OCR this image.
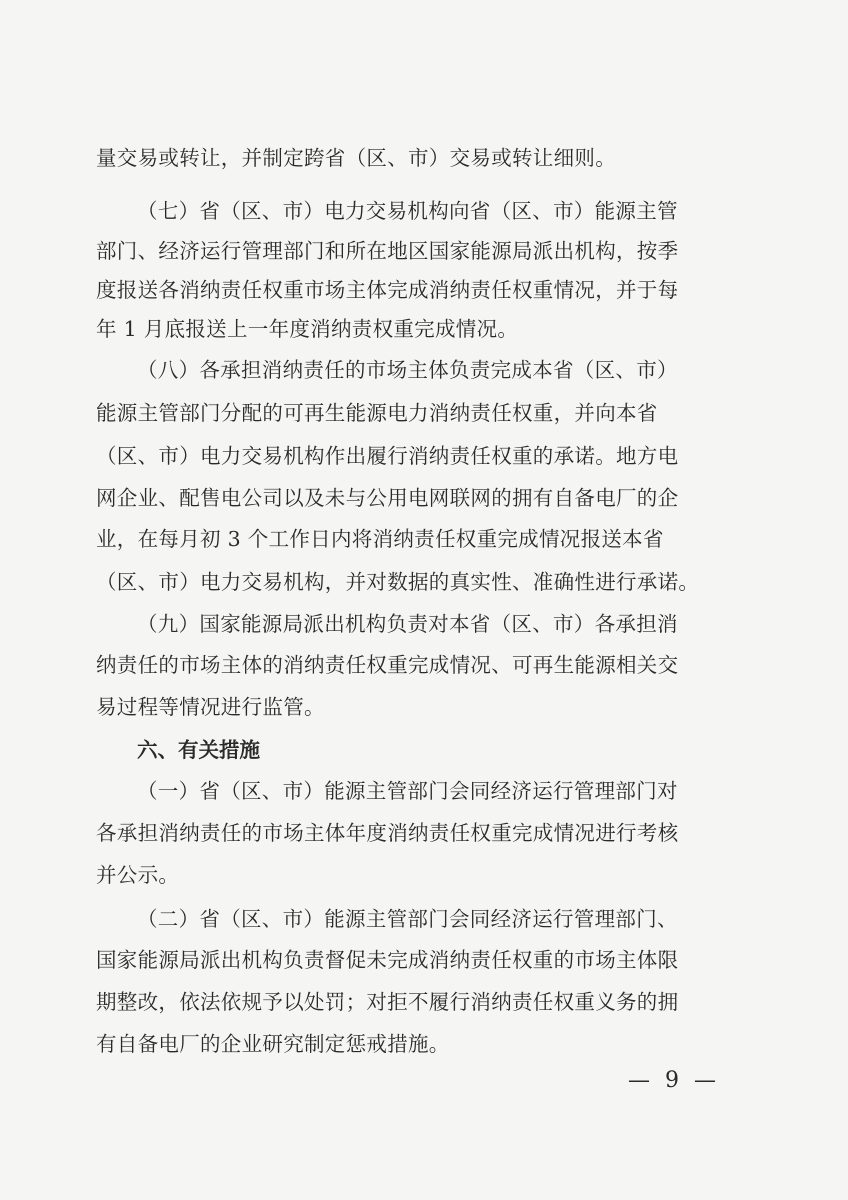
量交易或转让，并制定跨省（区、市）交易或转让细则。
（七）省（区、市）电力交易机构向省（区、市）能源主管
部门、经济运行管理部门和所在地区国家能源局派出机构，按季
度报送各消纳责任权重市场主体完成消纳责任权重情况，并于每
年 1 月底报送上一年度消纳责权重完成情况。
（八）各承担消纳责任的市场主体负责完成本省（区、市）
能源主管部门分配的可再生能源电力消纳责任权重，并向本省
（区、市）电力交易机构作出履行消纳责任权重的承诺。地方电
网企业、配售电公司以及未与公用电网联网的拥有自备电厂的企
业，在每月初 3 个工作日内将消纳责任权重完成情况报送本省
（区、市）电力交易机构，并对数据的真实性、准确性进行承诺。
（九）国家能源局派出机构负责对本省（区、市）各承担消
纳责任的市场主体的消纳责任权重完成情况、可再生能源相关交
易过程等情况进行监管。
六、有关措施
（一）省（区、市）能源主管部门会同经济运行管理部门对
各承担消纳责任的市场主体年度消纳责任权重完成情况进行考核
并公示。
（二）省（区、市）能源主管部门会同经济运行管理部门、
国家能源局派出机构负责督促未完成消纳责任权重的市场主体限
期整改，依法依规予以处罚；对拒不履行消纳责任权重义务的拥
有自备电厂的企业研究制定惩戒措施。
— 9 —
